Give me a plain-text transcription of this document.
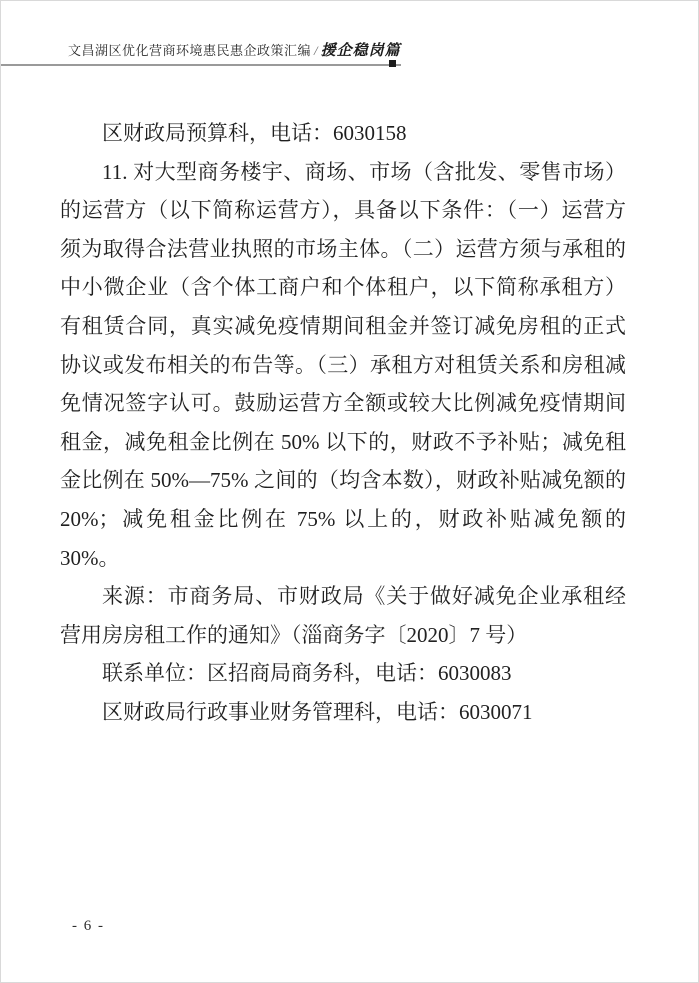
文昌湖区优化营商环境惠民惠企政策汇编 / 援企稳岗篇

区财政局预算科，电话：6030158

11. 对大型商务楼宇、商场、市场（含批发、零售市场）的运营方（以下简称运营方），具备以下条件：（一）运营方须为取得合法营业执照的市场主体。（二）运营方须与承租的中小微企业（含个体工商户和个体租户，以下简称承租方）有租赁合同，真实减免疫情期间租金并签订减免房租的正式协议或发布相关的布告等。（三）承租方对租赁关系和房租减免情况签字认可。鼓励运营方全额或较大比例减免疫情期间租金，减免租金比例在 50% 以下的，财政不予补贴；减免租金比例在 50%—75% 之间的（均含本数），财政补贴减免额的 20%；减免租金比例在 75% 以上的，财政补贴减免额的 30%。

来源：市商务局、市财政局《关于做好减免企业承租经营用房房租工作的通知》（淄商务字〔2020〕7 号）

联系单位：区招商局商务科，电话：6030083

区财政局行政事业财务管理科，电话：6030071

- 6 -
